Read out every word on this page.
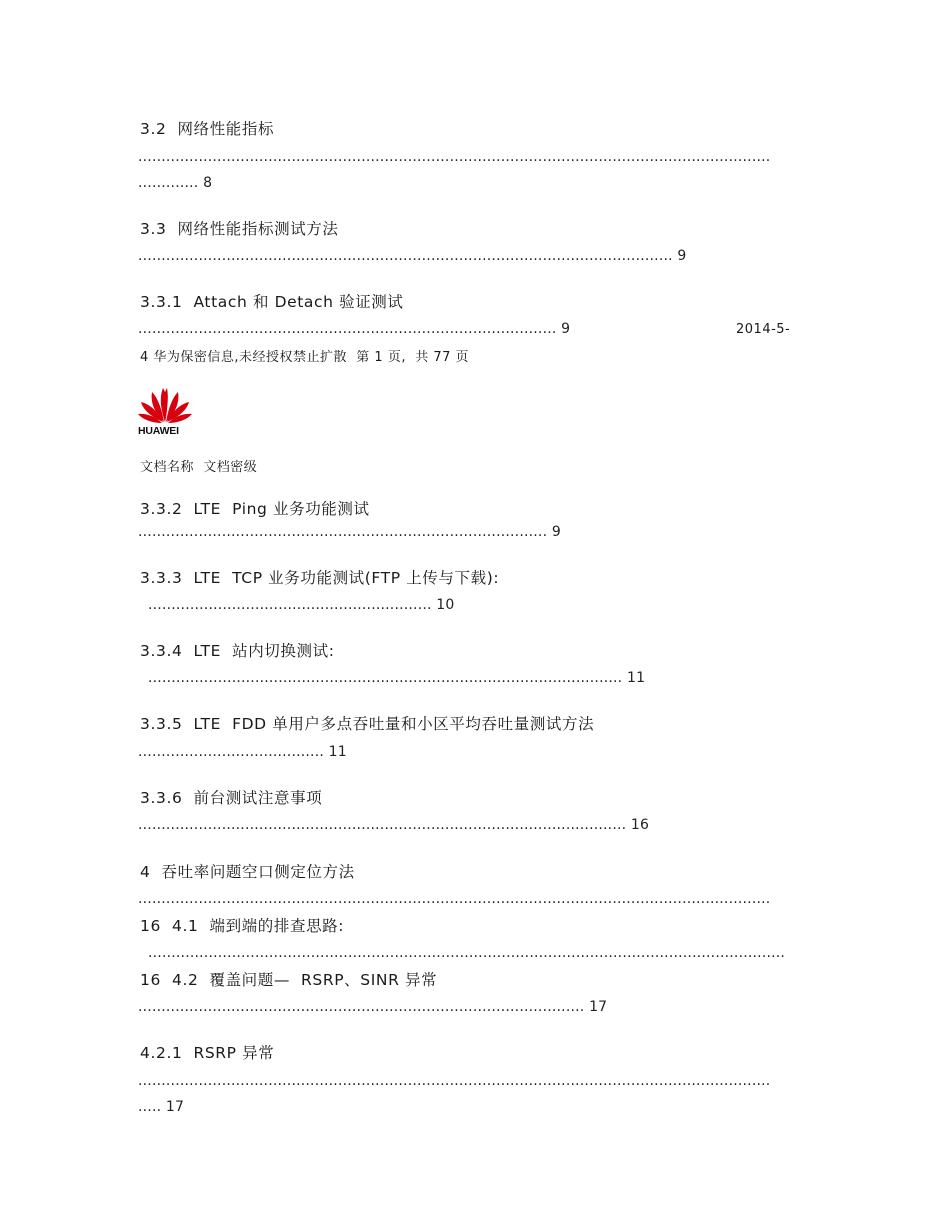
3.2  网络性能指标
........................................................................................................................................
............. 8
3.3  网络性能指标测试方法
................................................................................................................... 9
3.3.1  Attach 和 Detach 验证测试
.......................................................................................... 9	2014-5-
4 华为保密信息,未经授权禁止扩散  第 1 页,  共 77 页
HUAWEI
文档名称  文档密级
3.3.2  LTE  Ping 业务功能测试
........................................................................................ 9
3.3.3  LTE  TCP 业务功能测试(FTP 上传与下载):
............................................................. 10
3.3.4  LTE  站内切换测试:
...................................................................................................... 11
3.3.5  LTE  FDD 单用户多点吞吐量和小区平均吞吐量测试方法
........................................ 11
3.3.6  前台测试注意事项
......................................................................................................... 16
4  吞吐率问题空口侧定位方法
........................................................................................................................................
16  4.1  端到端的排查思路:
.........................................................................................................................................
16  4.2  覆盖问题—  RSRP、SINR 异常
................................................................................................ 17
4.2.1  RSRP 异常
........................................................................................................................................
..... 17
